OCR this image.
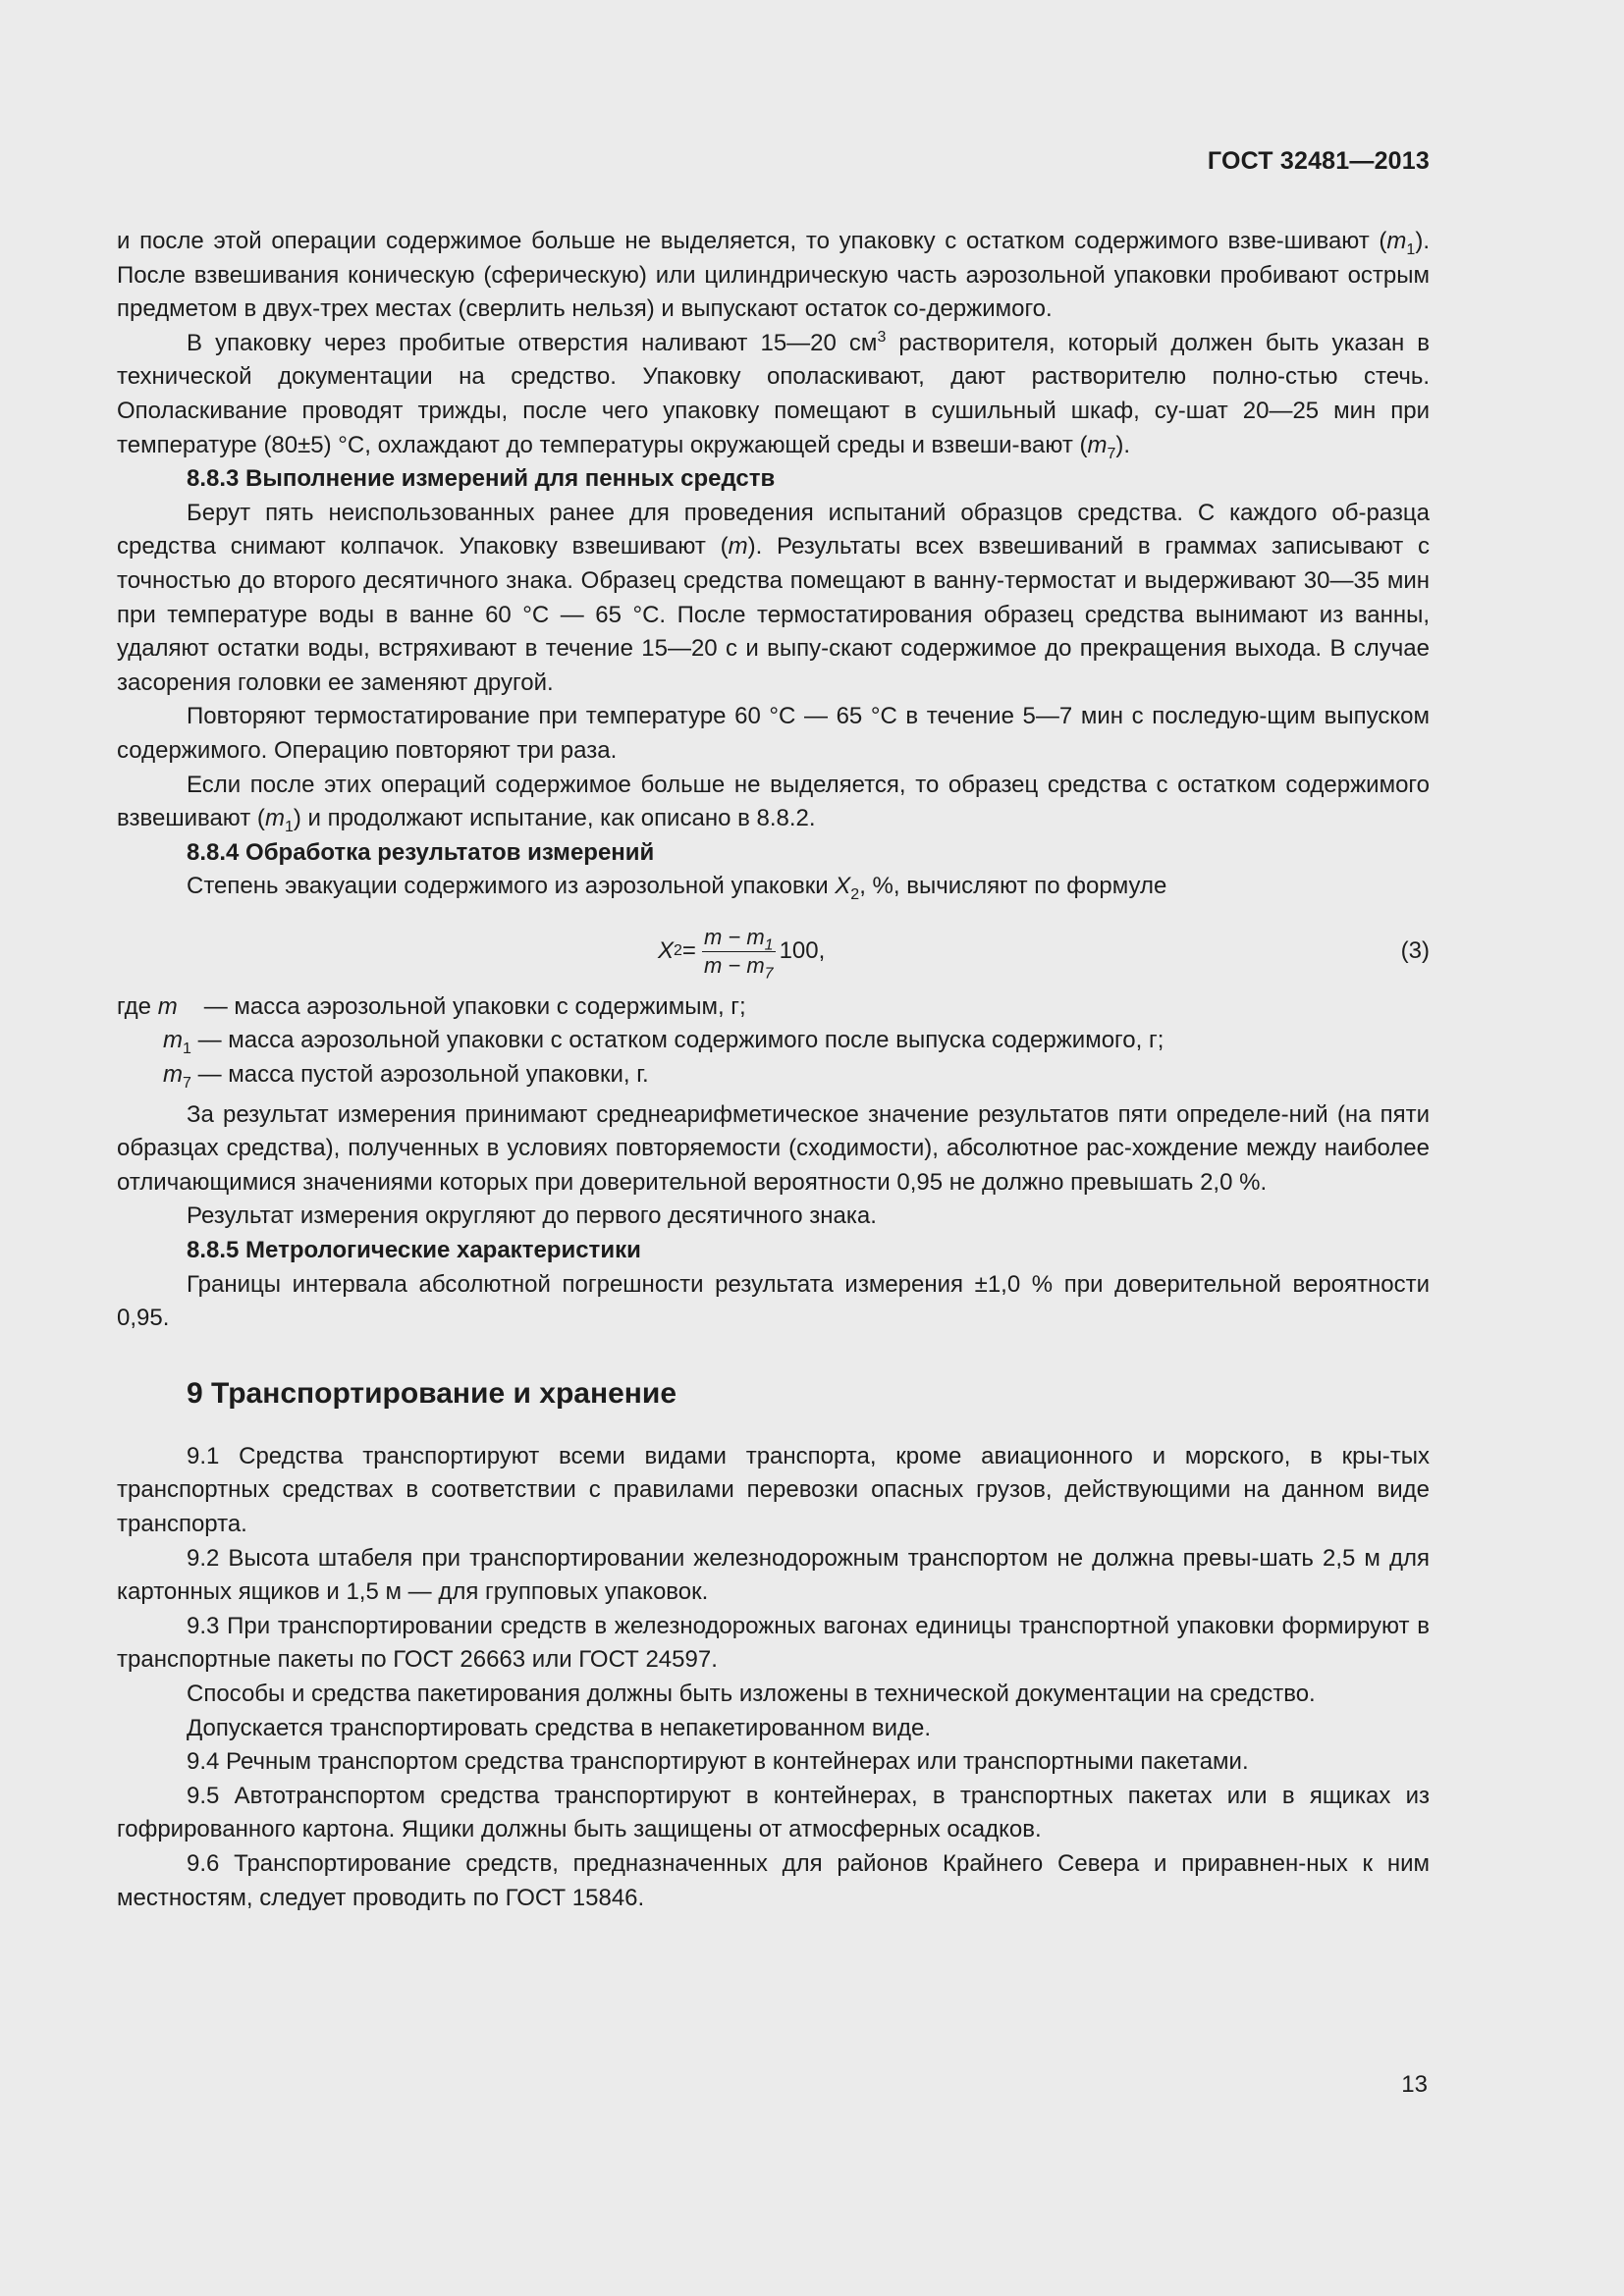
ГОСТ 32481—2013

и после этой операции содержимое больше не выделяется, то упаковку с остатком содержимого взве-шивают $(m_1)$. После взвешивания коническую (сферическую) или цилиндрическую часть аэрозольной упаковки пробивают острым предметом в двух-трех местах (сверлить нельзя) и выпускают остаток со-держимого.

В упаковку через пробитые отверстия наливают 15—20 $см^3$ растворителя, который должен быть указан в технической документации на средство. Упаковку ополаскивают, дают растворителю полно-стью стечь. Ополаскивание проводят трижды, после чего упаковку помещают в сушильный шкаф, су-шат 20—25 мин при температуре (80±5) °С, охлаждают до температуры окружающей среды и взвеши-вают $(m_7)$.

8.8.3 Выполнение измерений для пенных средств

Берут пять неиспользованных ранее для проведения испытаний образцов средства. С каждого об-разца средства снимают колпачок. Упаковку взвешивают (m). Результаты всех взвешиваний в граммах записывают с точностью до второго десятичного знака. Образец средства помещают в ванну-термостат и выдерживают 30—35 мин при температуре воды в ванне 60 °С — 65 °С. После термостатирования образец средства вынимают из ванны, удаляют остатки воды, встряхивают в течение 15—20 с и выпу-скают содержимое до прекращения выхода. В случае засорения головки ее заменяют другой.

Повторяют термостатирование при температуре 60 °С — 65 °С в течение 5—7 мин с последую-щим выпуском содержимого. Операцию повторяют три раза.

Если после этих операций содержимое больше не выделяется, то образец средства с остатком содержимого взвешивают $(m_1)$ и продолжают испытание, как описано в 8.8.2.

8.8.4 Обработка результатов измерений

Степень эвакуации содержимого из аэрозольной упаковки $X_2$, %, вычисляют по формуле

X $2 = \frac{m - m_1}{m - m_7} 100$,	(3)

где m — масса аэрозольной упаковки с содержимым, г;

$m_1$ — масса аэрозольной упаковки с остатком содержимого после выпуска содержимого, г;

$m_7$ — масса пустой аэрозольной упаковки, г.

За результат измерения принимают среднеарифметическое значение результатов пяти определе-ний (на пяти образцах средства), полученных в условиях повторяемости (сходимости), абсолютное рас-хождение между наиболее отличающимися значениями которых при доверительной вероятности 0,95 не должно превышать 2,0 %.

Результат измерения округляют до первого десятичного знака.

8.8.5 Метрологические характеристики

Границы интервала абсолютной погрешности результата измерения ±1,0 % при доверительной вероятности 0,95.

9 Транспортирование и хранение

9.1 Средства транспортируют всеми видами транспорта, кроме авиационного и морского, в кры-тых транспортных средствах в соответствии с правилами перевозки опасных грузов, действующими на данном виде транспорта.

9.2 Высота штабеля при транспортировании железнодорожным транспортом не должна превы-шать 2,5 м для картонных ящиков и 1,5 м — для групповых упаковок.

9.3 При транспортировании средств в железнодорожных вагонах единицы транспортной упаковки формируют в транспортные пакеты по ГОСТ 26663 или ГОСТ 24597.

Способы и средства пакетирования должны быть изложены в технической документации на средство.

Допускается транспортировать средства в непакетированном виде.

9.4 Речным транспортом средства транспортируют в контейнерах или транспортными пакетами.

9.5 Автотранспортом средства транспортируют в контейнерах, в транспортных пакетах или в ящиках из гофрированного картона. Ящики должны быть защищены от атмосферных осадков.

9.6 Транспортирование средств, предназначенных для районов Крайнего Севера и приравнен-ных к ним местностям, следует проводить по ГОСТ 15846.

13
